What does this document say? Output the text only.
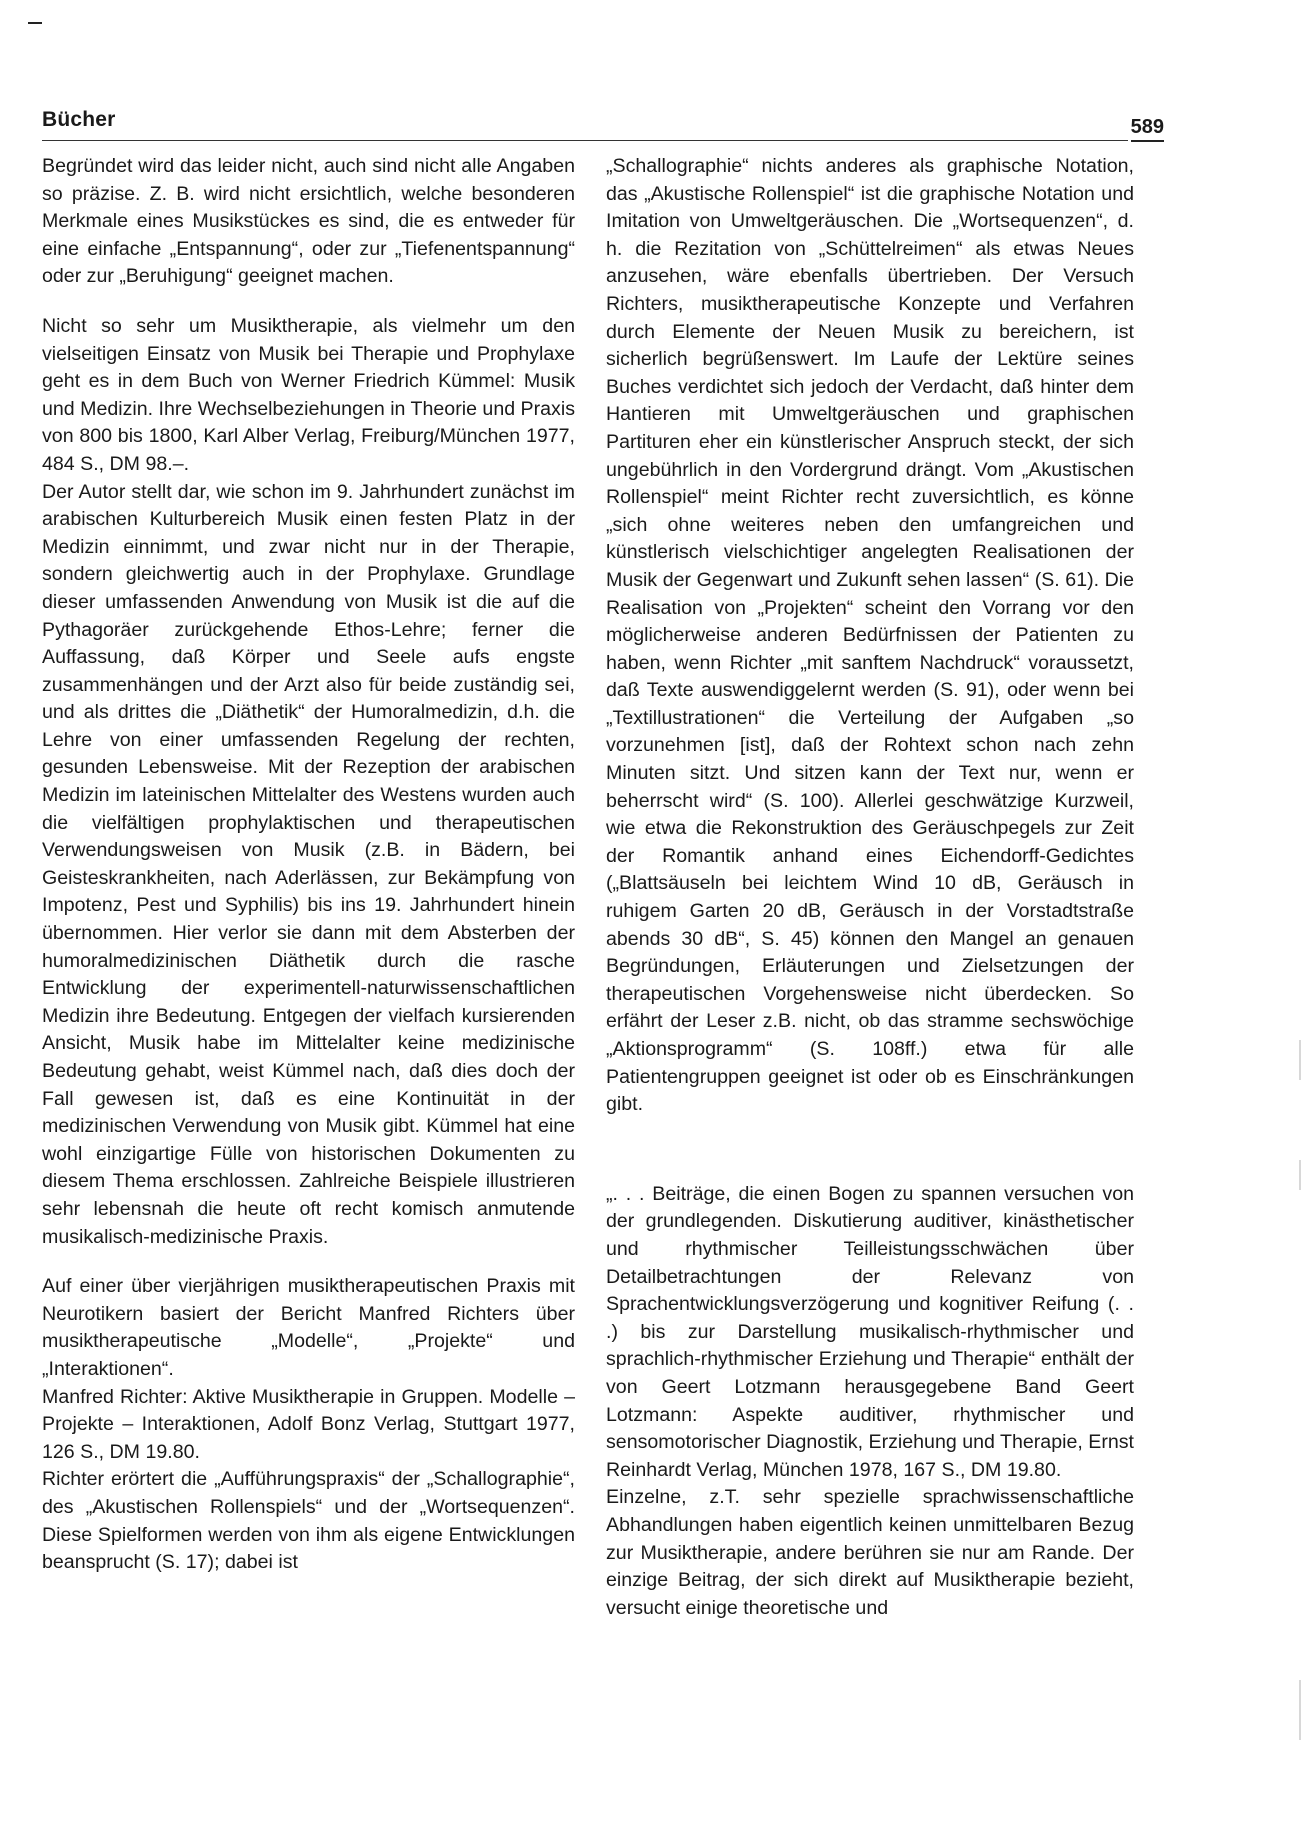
Bücher	589

Begründet wird das leider nicht, auch sind nicht alle Angaben so präzise. Z. B. wird nicht ersichtlich, welche besonderen Merkmale eines Musikstückes es sind, die es entweder für eine einfache „Entspannung“, oder zur „Tiefenentspannung“ oder zur „Beruhigung“ geeignet machen.

Nicht so sehr um Musiktherapie, als vielmehr um den vielseitigen Einsatz von Musik bei Therapie und Prophylaxe geht es in dem Buch von Werner Friedrich Kümmel: Musik und Medizin. Ihre Wechselbeziehungen in Theorie und Praxis von 800 bis 1800, Karl Alber Verlag, Freiburg/München 1977, 484 S., DM 98.–.

Der Autor stellt dar, wie schon im 9. Jahrhundert zunächst im arabischen Kulturbereich Musik einen festen Platz in der Medizin einnimmt, und zwar nicht nur in der Therapie, sondern gleichwertig auch in der Prophylaxe. Grundlage dieser umfassenden Anwendung von Musik ist die auf die Pythagoräer zurückgehende Ethos-Lehre; ferner die Auffassung, daß Körper und Seele aufs engste zusammenhängen und der Arzt also für beide zuständig sei, und als drittes die „Diäthetik“ der Humoralmedizin, d.h. die Lehre von einer umfassenden Regelung der rechten, gesunden Lebensweise. Mit der Rezeption der arabischen Medizin im lateinischen Mittelalter des Westens wurden auch die vielfältigen prophylaktischen und therapeutischen Verwendungsweisen von Musik (z.B. in Bädern, bei Geisteskrankheiten, nach Aderlässen, zur Bekämpfung von Impotenz, Pest und Syphilis) bis ins 19. Jahrhundert hinein übernommen. Hier verlor sie dann mit dem Absterben der humoralmedizinischen Diäthetik durch die rasche Entwicklung der experimentell-naturwissenschaftlichen Medizin ihre Bedeutung. Entgegen der vielfach kursierenden Ansicht, Musik habe im Mittelalter keine medizinische Bedeutung gehabt, weist Kümmel nach, daß dies doch der Fall gewesen ist, daß es eine Kontinuität in der medizinischen Verwendung von Musik gibt. Kümmel hat eine wohl einzigartige Fülle von historischen Dokumenten zu diesem Thema erschlossen. Zahlreiche Beispiele illustrieren sehr lebensnah die heute oft recht komisch anmutende musikalisch-medizinische Praxis.

Auf einer über vierjährigen musiktherapeutischen Praxis mit Neurotikern basiert der Bericht Manfred Richters über musiktherapeutische „Modelle“, „Projekte“ und „Interaktionen“.

Manfred Richter: Aktive Musiktherapie in Gruppen. Modelle – Projekte – Interaktionen, Adolf Bonz Verlag, Stuttgart 1977, 126 S., DM 19.80.

Richter erörtert die „Aufführungspraxis“ der „Schallographie“, des „Akustischen Rollenspiels“ und der „Wortsequenzen“. Diese Spielformen werden von ihm als eigene Entwicklungen beansprucht (S. 17); dabei ist

„Schallographie“ nichts anderes als graphische Notation, das „Akustische Rollenspiel“ ist die graphische Notation und Imitation von Umweltgeräuschen. Die „Wortsequenzen“, d. h. die Rezitation von „Schüttelreimen“ als etwas Neues anzusehen, wäre ebenfalls übertrieben. Der Versuch Richters, musiktherapeutische Konzepte und Verfahren durch Elemente der Neuen Musik zu bereichern, ist sicherlich begrüßenswert. Im Laufe der Lektüre seines Buches verdichtet sich jedoch der Verdacht, daß hinter dem Hantieren mit Umweltgeräuschen und graphischen Partituren eher ein künstlerischer Anspruch steckt, der sich ungebührlich in den Vordergrund drängt. Vom „Akustischen Rollenspiel“ meint Richter recht zuversichtlich, es könne „sich ohne weiteres neben den umfangreichen und künstlerisch vielschichtiger angelegten Realisationen der Musik der Gegenwart und Zukunft sehen lassen“ (S. 61). Die Realisation von „Projekten“ scheint den Vorrang vor den möglicherweise anderen Bedürfnissen der Patienten zu haben, wenn Richter „mit sanftem Nachdruck“ voraussetzt, daß Texte auswendiggelernt werden (S. 91), oder wenn bei „Textillustrationen“ die Verteilung der Aufgaben „so vorzunehmen [ist], daß der Rohtext schon nach zehn Minuten sitzt. Und sitzen kann der Text nur, wenn er beherrscht wird“ (S. 100). Allerlei geschwätzige Kurzweil, wie etwa die Rekonstruktion des Geräuschpegels zur Zeit der Romantik anhand eines Eichendorff-Gedichtes („Blattsäuseln bei leichtem Wind 10 dB, Geräusch in ruhigem Garten 20 dB, Geräusch in der Vorstadtstraße abends 30 dB“, S. 45) können den Mangel an genauen Begründungen, Erläuterungen und Zielsetzungen der therapeutischen Vorgehensweise nicht überdecken. So erfährt der Leser z.B. nicht, ob das stramme sechswöchige „Aktionsprogramm“ (S. 108ff.) etwa für alle Patientengruppen geeignet ist oder ob es Einschränkungen gibt.

„. . . Beiträge, die einen Bogen zu spannen versuchen von der grundlegenden. Diskutierung auditiver, kinästhetischer und rhythmischer Teilleistungsschwächen über Detailbetrachtungen der Relevanz von Sprachentwicklungsverzögerung und kognitiver Reifung (. . .) bis zur Darstellung musikalisch-rhythmischer und sprachlich-rhythmischer Erziehung und Therapie“ enthält der von Geert Lotzmann herausgegebene Band Geert Lotzmann: Aspekte auditiver, rhythmischer und sensomotorischer Diagnostik, Erziehung und Therapie, Ernst Reinhardt Verlag, München 1978, 167 S., DM 19.80.

Einzelne, z.T. sehr spezielle sprachwissenschaftliche Abhandlungen haben eigentlich keinen unmittelbaren Bezug zur Musiktherapie, andere berühren sie nur am Rande. Der einzige Beitrag, der sich direkt auf Musiktherapie bezieht, versucht einige theoretische und
